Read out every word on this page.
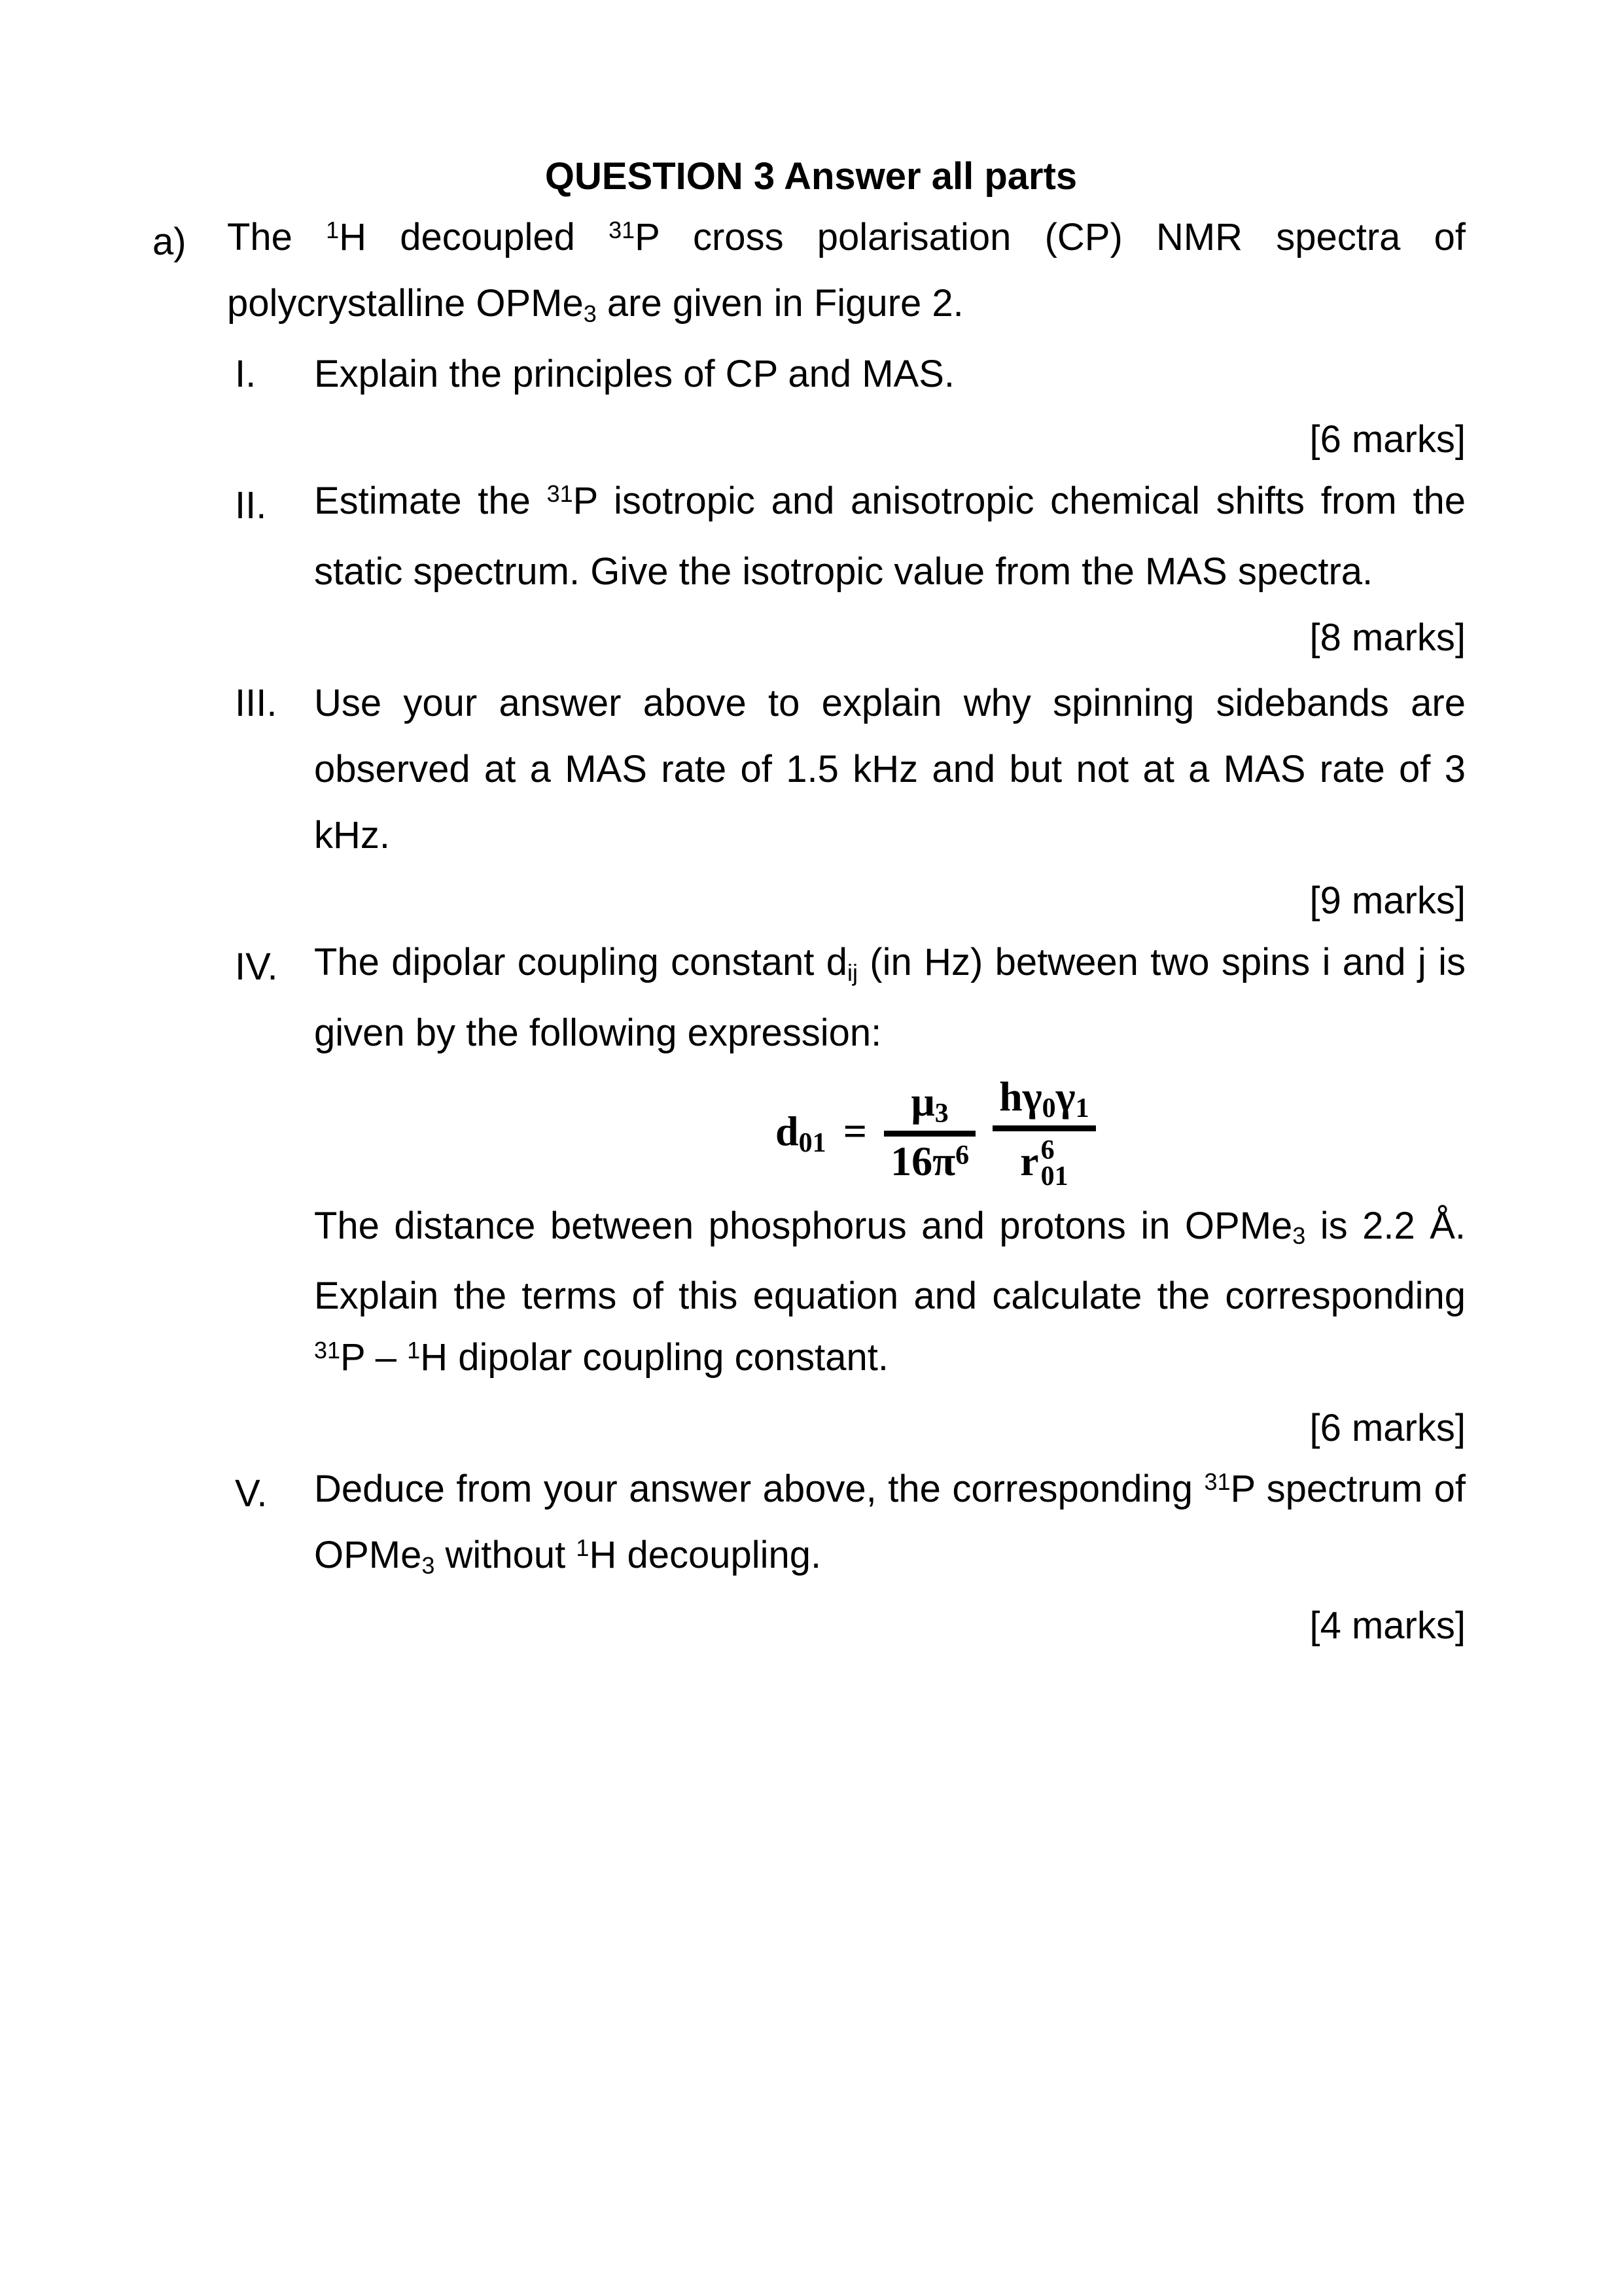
QUESTION 3 Answer all parts
a) The $^1$H decoupled $^{31}$P cross polarisation (CP) NMR spectra of
polycrystalline OPMe3 are given in Figure 2.
I. Explain the principles of CP and MAS.
[6 marks]
II. Estimate the $^{31}$P isotropic and anisotropic chemical shifts from the
static spectrum. Give the isotropic value from the MAS spectra.
[8 marks]
III. Use your answer above to explain why spinning sidebands are
observed at a MAS rate of 1.5 kHz and but not at a MAS rate of 3
kHz.
[9 marks]
IV. The dipolar coupling constant dij (in Hz) between two spins i and j is
given by the following expression:
d01 =
μ3
$16\pi^6$
hγ0γ1
r 6
01
The distance between phosphorus and protons in OPMe3 is 2.2 Å.
Explain the terms of this equation and calculate the corresponding
$^{31}$P – $^1$H dipolar coupling constant.
[6 marks]
V. Deduce from your answer above, the corresponding $^{31}$P spectrum of
OPMe3 without $^1$H decoupling.
[4 marks]
